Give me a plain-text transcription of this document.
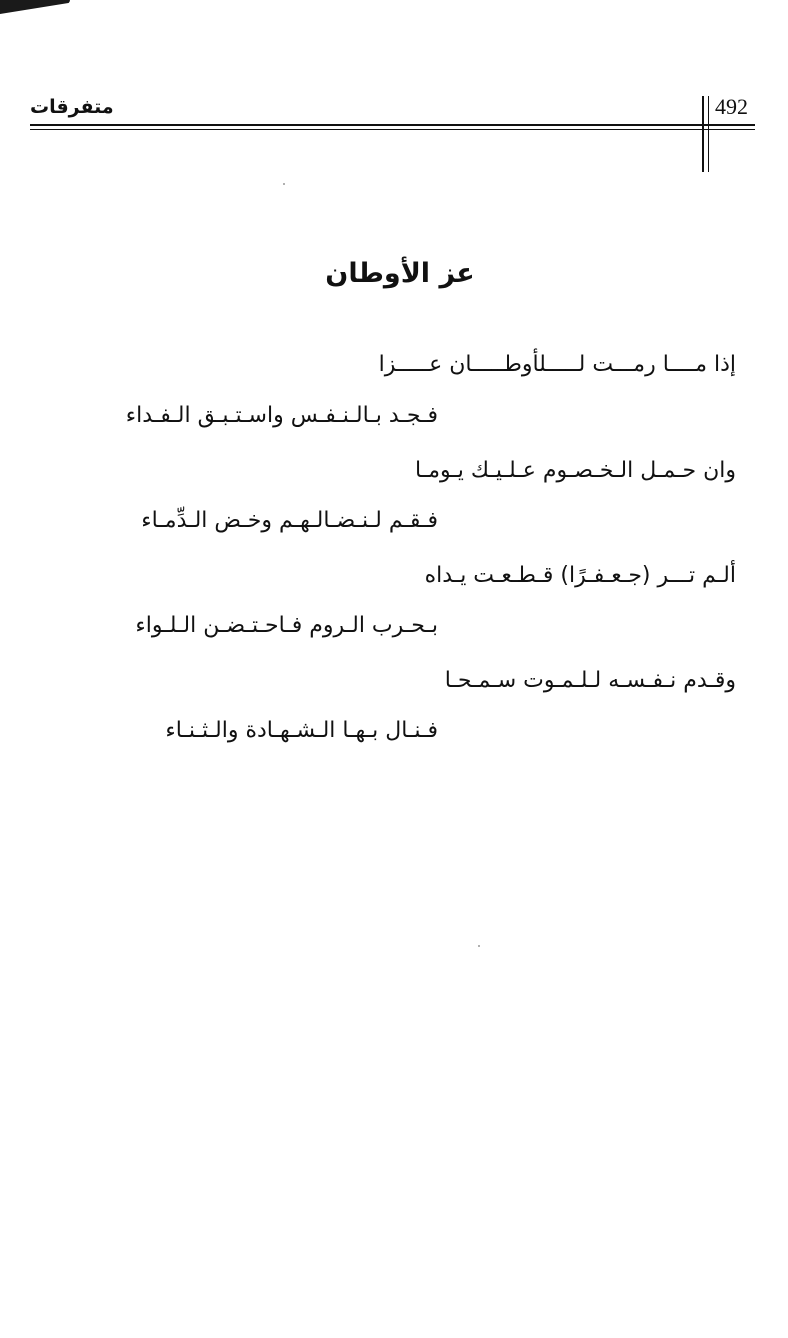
متفرقات	492
عز الأوطان
إذا مــــا رمـــت لـــــلأوطـــــان عـــــزا
فـجـد بـالـنـفـس واسـتـبـق الـفـداء
وان حـمـل الـخـصـوم عـلـيـك يـومـا
فـقـم لـنـضـالـهـم وخـض الـدِّمـاء
ألـم تـــر (جـعـفـرًا) قـطـعـت يـداه
بـحـرب الـروم فـاحـتـضـن الـلـواء
وقـدم نـفـسـه لـلـمـوت سـمـحـا
فـنـال بـهـا الـشـهـادة والـثـنـاء
